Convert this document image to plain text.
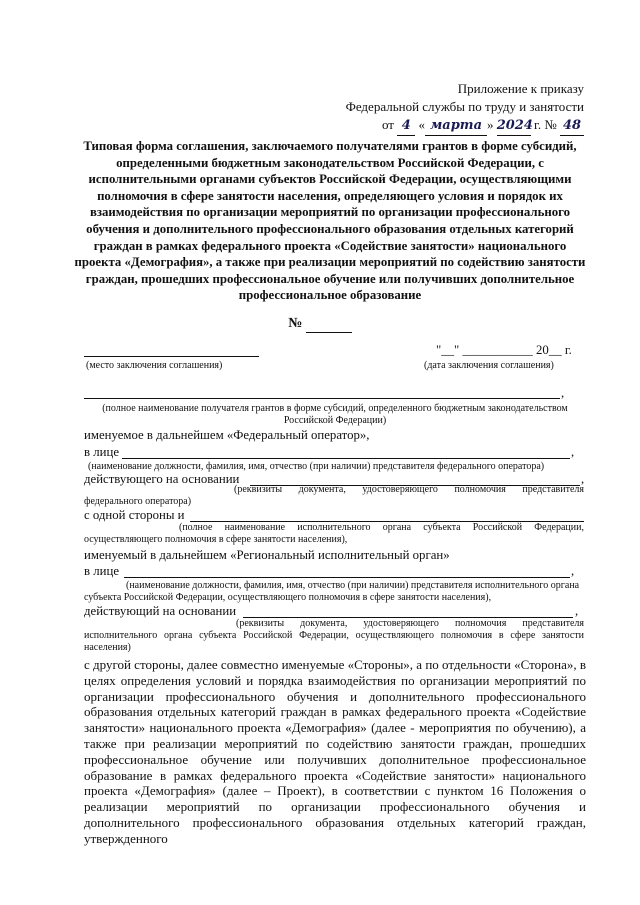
Приложение к приказу
Федеральной службы по труду и занятости
от 4 « марта » 2024 г. № 48
Типовая форма соглашения, заключаемого получателями грантов в форме субсидий, определенными бюджетным законодательством Российской Федерации, с исполнительными органами субъектов Российской Федерации, осуществляющими полномочия в сфере занятости населения, определяющего условия и порядок их взаимодействия по организации мероприятий по организации профессионального обучения и дополнительного профессионального образования отдельных категорий граждан в рамках федерального проекта «Содействие занятости» национального проекта «Демография», а также при реализации мероприятий по содействию занятости граждан, прошедших профессиональное обучение или получивших дополнительное профессиональное образование
№
(место заключения соглашения)
"__" ___________ 20__ г.
(дата заключения соглашения)
,
(полное наименование получателя грантов в форме субсидий, определенного бюджетным законодательством Российской Федерации)
именуемое в дальнейшем «Федеральный оператор»,
в лице	,
(наименование должности, фамилия, имя, отчество (при наличии) представителя федерального оператора)
действующего на основании	,
(реквизиты документа, удостоверяющего полномочия представителя федерального оператора)
с одной стороны и
(полное наименование исполнительного органа субъекта Российской Федерации, осуществляющего полномочия в сфере занятости населения),
именуемый в дальнейшем «Региональный исполнительный орган»
в лице	,
(наименование должности, фамилия, имя, отчество (при наличии) представителя исполнительного органа субъекта Российской Федерации, осуществляющего полномочия в сфере занятости населения),
действующий на основании	,
(реквизиты документа, удостоверяющего полномочия представителя исполнительного органа субъекта Российской Федерации, осуществляющего полномочия в сфере занятости населения)

с другой стороны, далее совместно именуемые «Стороны», а по отдельности «Сторона», в целях определения условий и порядка взаимодействия по организации мероприятий по организации профессионального обучения и дополнительного профессионального образования отдельных категорий граждан в рамках федерального проекта «Содействие занятости» национального проекта «Демография» (далее - мероприятия по обучению), а также при реализации мероприятий по содействию занятости граждан, прошедших профессиональное обучение или получивших дополнительное профессиональное образование в рамках федерального проекта «Содействие занятости» национального проекта «Демография» (далее – Проект), в соответствии с пунктом 16 Положения о реализации мероприятий по организации профессионального обучения и дополнительного профессионального образования отдельных категорий граждан, утвержденного
